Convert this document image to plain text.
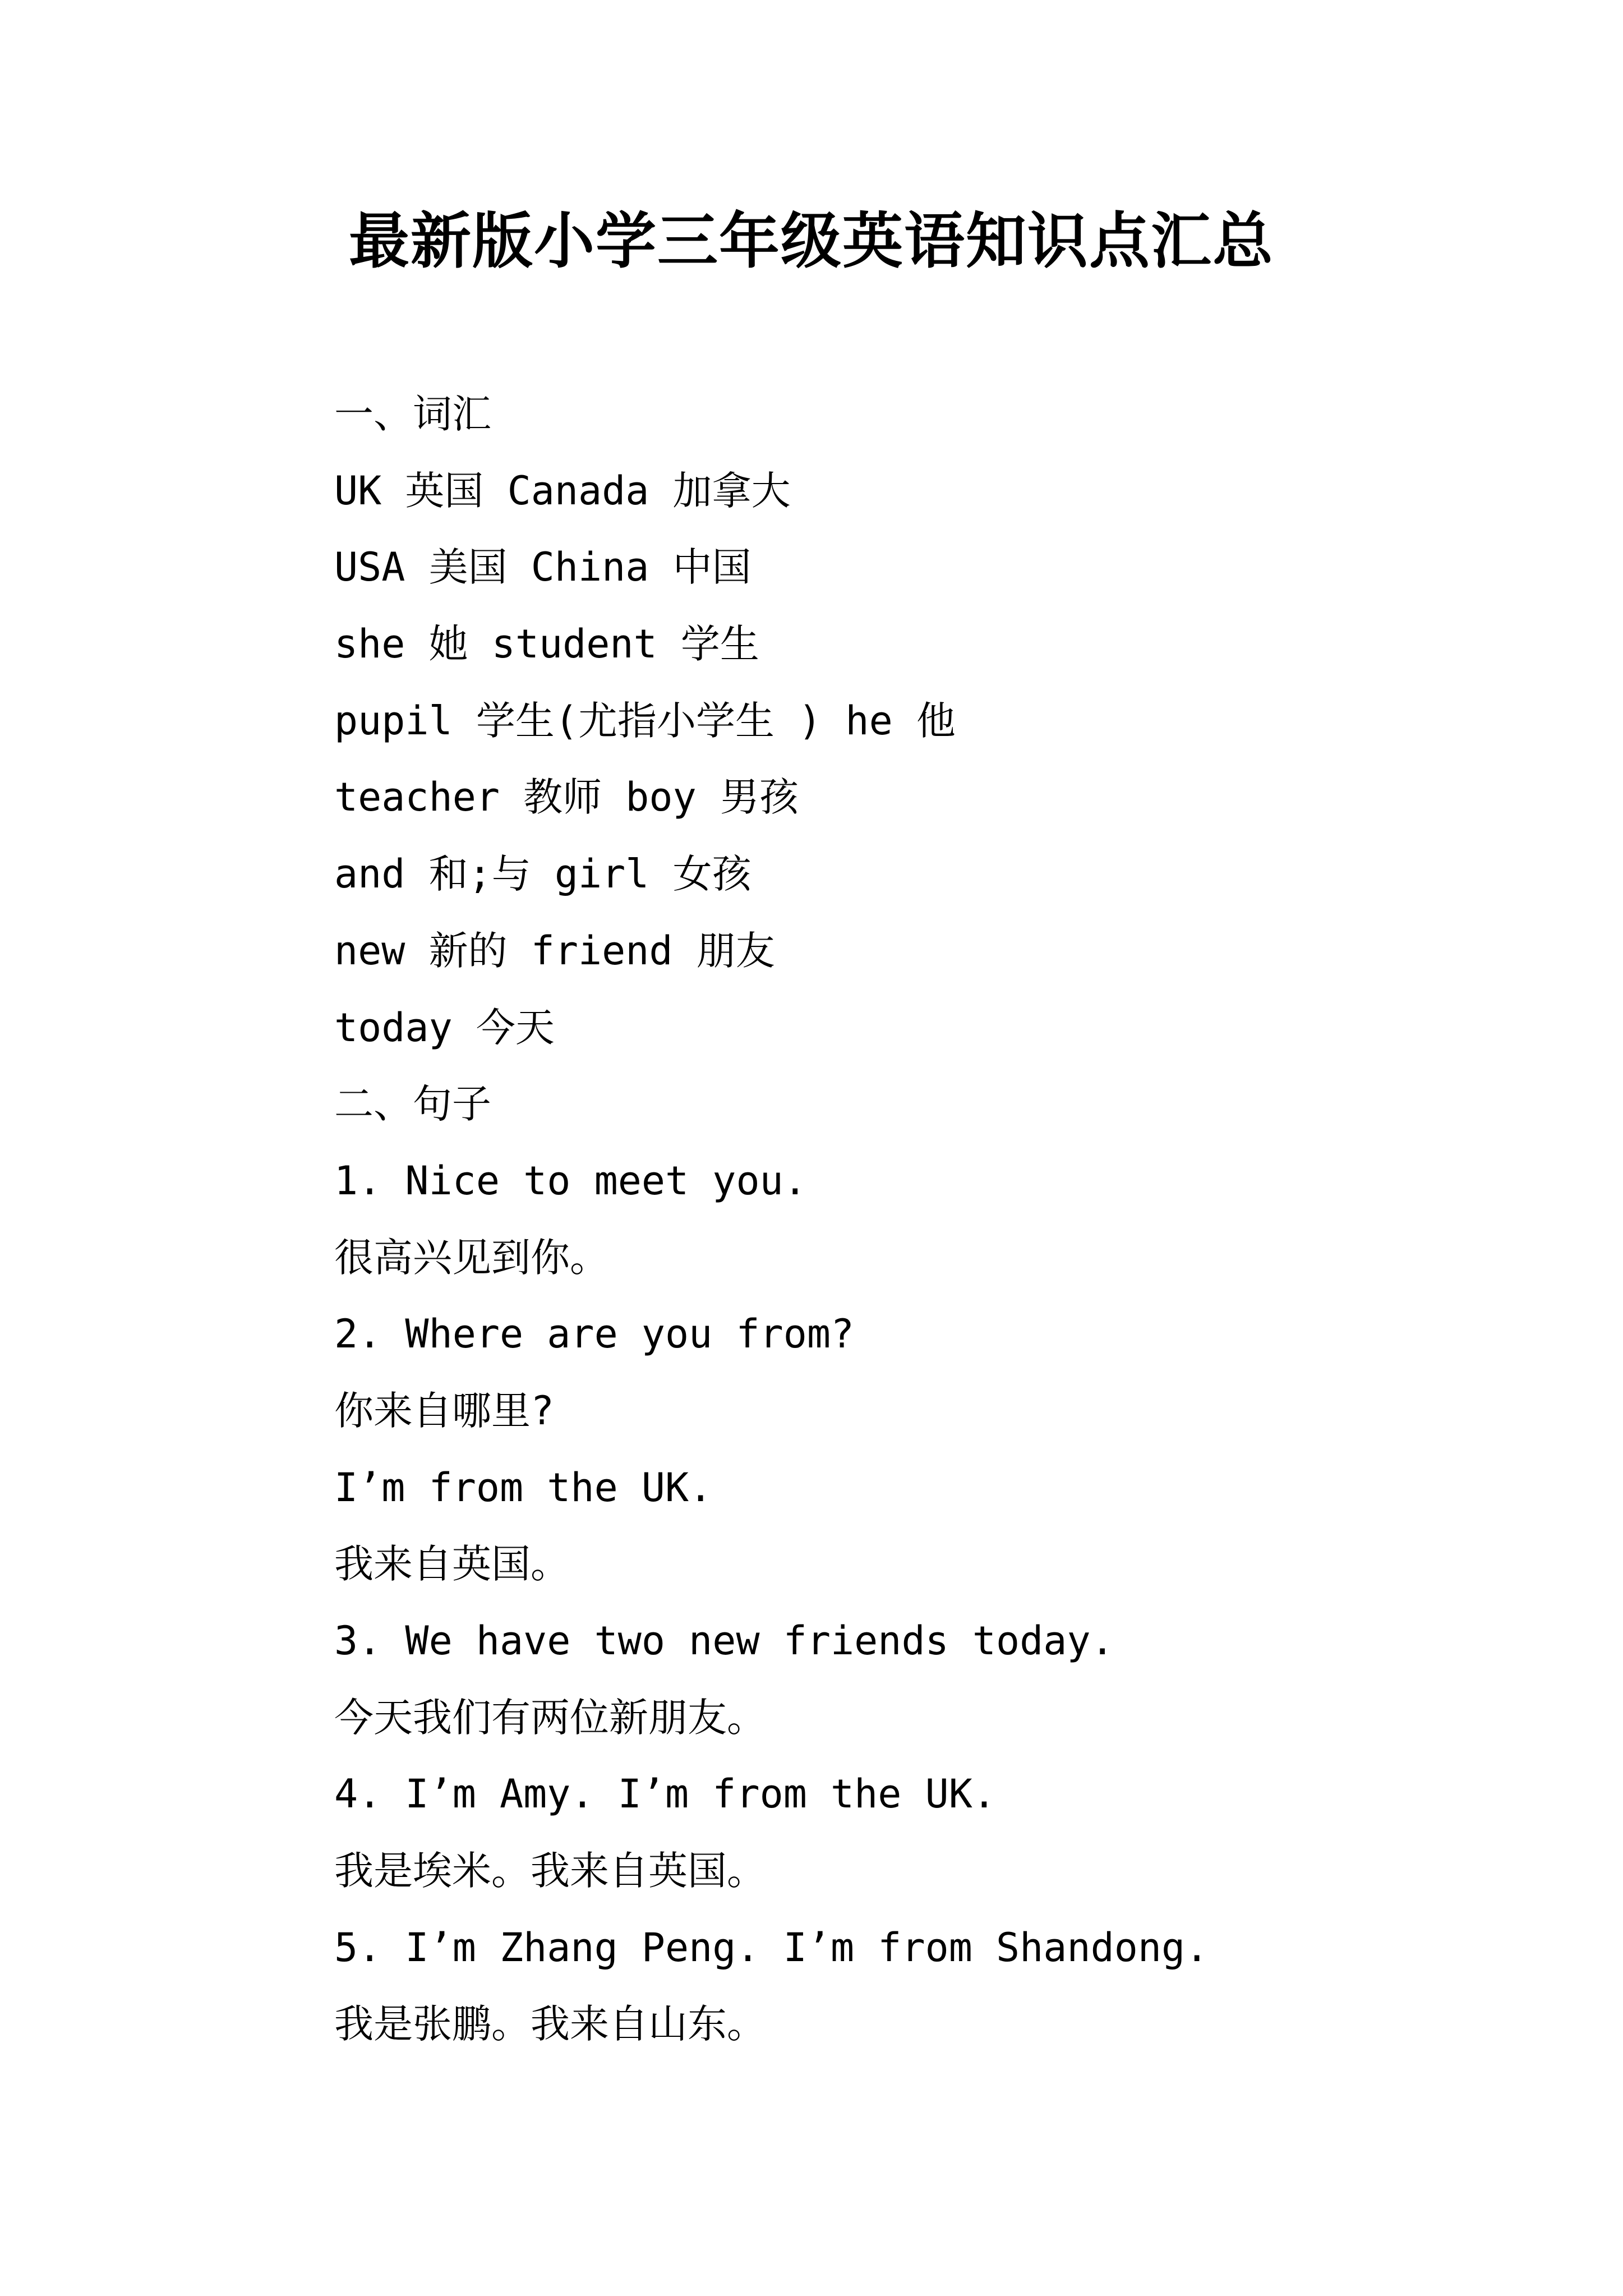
最新版小学三年级英语知识点汇总
一、词汇
UK 英国 Canada 加拿大
USA 美国 China 中国
she 她 student 学生
pupil 学生(尤指小学生 ) he 他
teacher 教师 boy 男孩
and 和;与 girl 女孩
new 新的 friend 朋友
today 今天
二、句子
1. Nice to meet you.
很高兴见到你。
2. Where are you from?
你来自哪里?
I’m from the UK.
我来自英国。
3. We have two new friends today.
今天我们有两位新朋友。
4. I’m Amy. I’m from the UK.
我是埃米。我来自英国。
5. I’m Zhang Peng. I’m from Shandong.
我是张鹏。我来自山东。
